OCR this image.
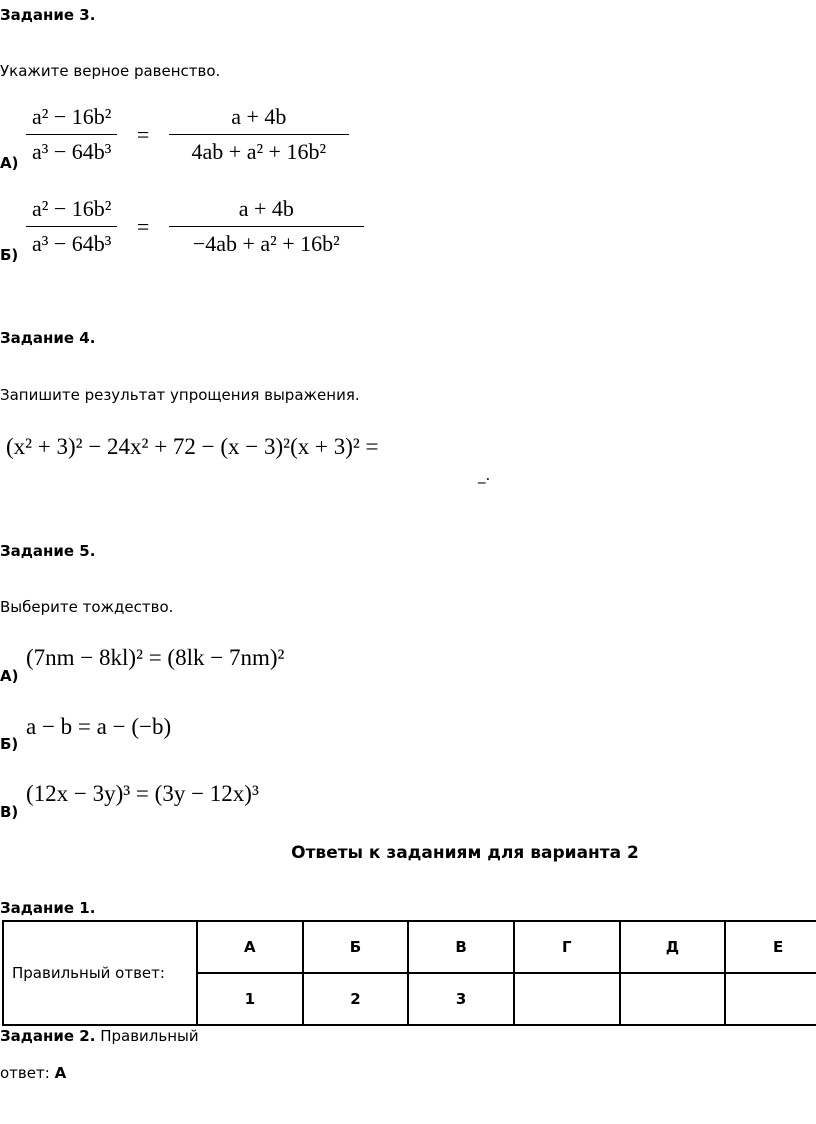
Задание 3.
Укажите верное равенство.
$\frac{\text{a² − 16b²}}{\text{a³ − 64b³}} = \frac{a + 4b}{\text{4ab + a² + 16b²}}$
А)
$\frac{\text{a² − 16b²}}{\text{a³ − 64b³}} = \frac{a + 4b}{\text{−4ab + a² + 16b²}}$
Б)
Задание 4.
Запишите результат упрощения выражения.
(x² + 3)² − 24x² + 72 − (x − 3)²(x + 3)² =
_.
Задание 5.
Выберите тождество.
(7nm − 8kl)² = (8lk − 7nm)²
А)
a − b = a − (−b)
Б)
(12x − 3y)³ = (3y − 12x)³
В)
Ответы к заданиям для варианта 2
Задание 1.
Правильный ответ:	А	Б	В	Г	Д	Е
	1	2	3			
Задание 2. Правильный
ответ: А
